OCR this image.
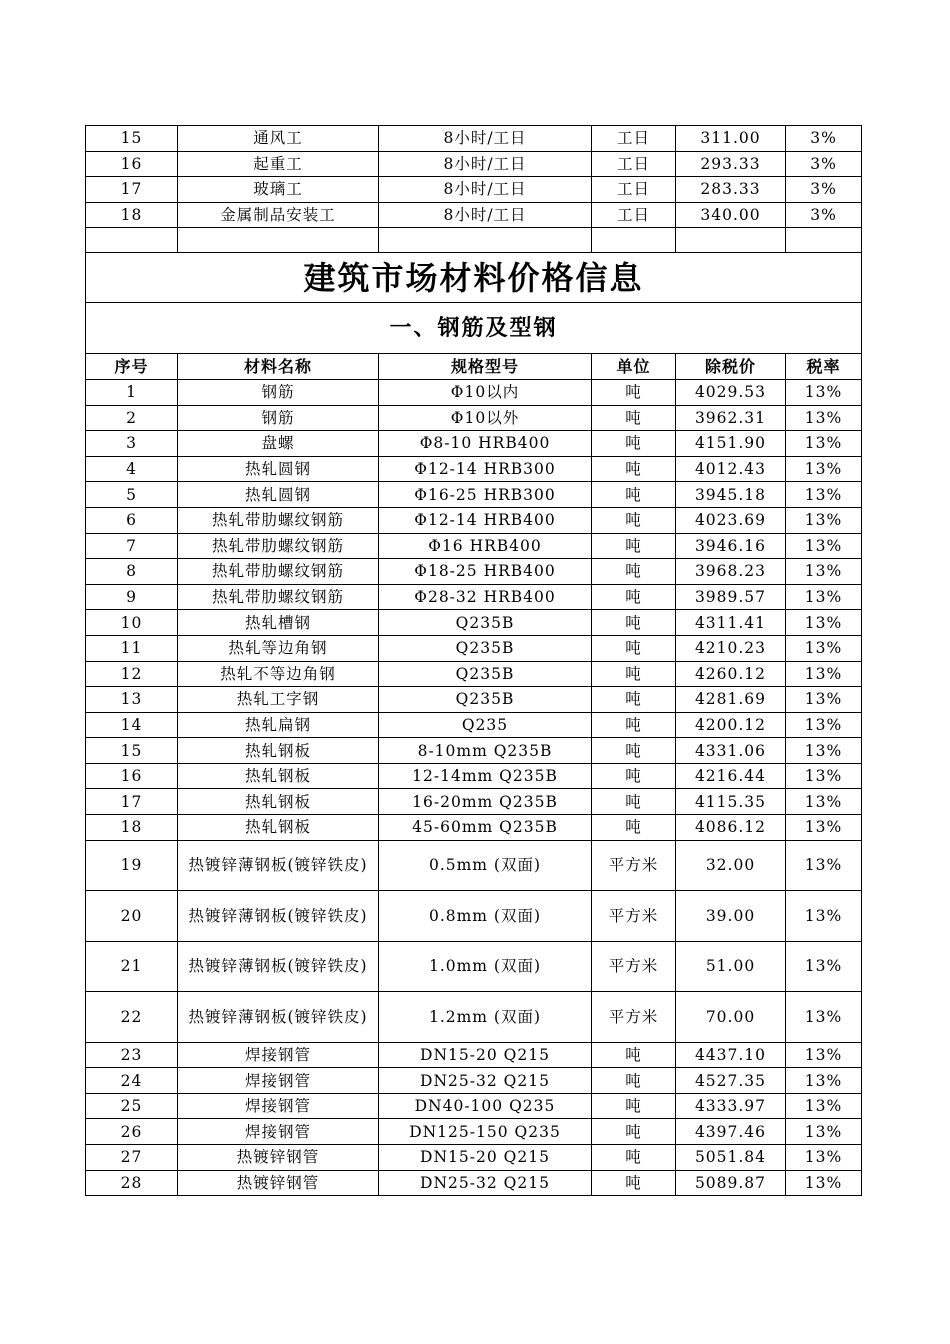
15	通风工	8小时/工日	工日	311.00	3%
16	起重工	8小时/工日	工日	293.33	3%
17	玻璃工	8小时/工日	工日	283.33	3%
18	金属制品安装工	8小时/工日	工日	340.00	3%

建筑市场材料价格信息					
一、钢筋及型钢					
序号	材料名称	规格型号	单位	除税价	税率
1	钢筋	Φ10以内	吨	4029.53	13%
2	钢筋	Φ10以外	吨	3962.31	13%
3	盘螺	Φ8-10 HRB400	吨	4151.90	13%
4	热轧圆钢	Φ12-14 HRB300	吨	4012.43	13%
5	热轧圆钢	Φ16-25 HRB300	吨	3945.18	13%
6	热轧带肋螺纹钢筋	Φ12-14 HRB400	吨	4023.69	13%
7	热轧带肋螺纹钢筋	Φ16 HRB400	吨	3946.16	13%
8	热轧带肋螺纹钢筋	Φ18-25 HRB400	吨	3968.23	13%
9	热轧带肋螺纹钢筋	Φ28-32 HRB400	吨	3989.57	13%
10	热轧槽钢	Q235B	吨	4311.41	13%
11	热轧等边角钢	Q235B	吨	4210.23	13%
12	热轧不等边角钢	Q235B	吨	4260.12	13%
13	热轧工字钢	Q235B	吨	4281.69	13%
14	热轧扁钢	Q235	吨	4200.12	13%
15	热轧钢板	8-10mm Q235B	吨	4331.06	13%
16	热轧钢板	12-14mm Q235B	吨	4216.44	13%
17	热轧钢板	16-20mm Q235B	吨	4115.35	13%
18	热轧钢板	45-60mm Q235B	吨	4086.12	13%
19	热镀锌薄钢板(镀锌铁皮)	0.5mm (双面)	平方米	32.00	13%
20	热镀锌薄钢板(镀锌铁皮)	0.8mm (双面)	平方米	39.00	13%
21	热镀锌薄钢板(镀锌铁皮)	1.0mm (双面)	平方米	51.00	13%
22	热镀锌薄钢板(镀锌铁皮)	1.2mm (双面)	平方米	70.00	13%
23	焊接钢管	DN15-20 Q215	吨	4437.10	13%
24	焊接钢管	DN25-32 Q215	吨	4527.35	13%
25	焊接钢管	DN40-100 Q235	吨	4333.97	13%
26	焊接钢管	DN125-150 Q235	吨	4397.46	13%
27	热镀锌钢管	DN15-20 Q215	吨	5051.84	13%
28	热镀锌钢管	DN25-32 Q215	吨	5089.87	13%
